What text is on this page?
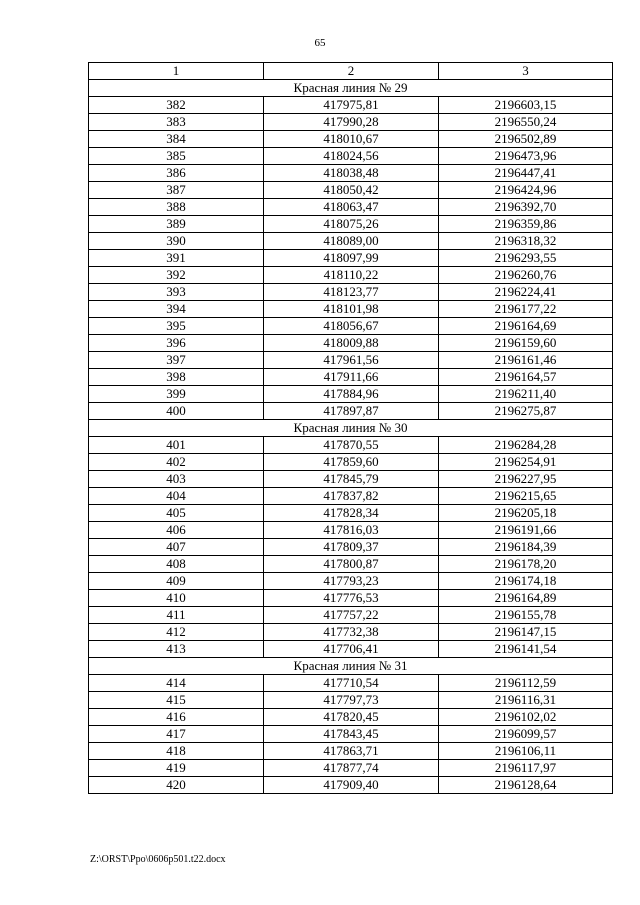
65
1	2	3
Красная линия № 29		
382	417975,81	2196603,15
383	417990,28	2196550,24
384	418010,67	2196502,89
385	418024,56	2196473,96
386	418038,48	2196447,41
387	418050,42	2196424,96
388	418063,47	2196392,70
389	418075,26	2196359,86
390	418089,00	2196318,32
391	418097,99	2196293,55
392	418110,22	2196260,76
393	418123,77	2196224,41
394	418101,98	2196177,22
395	418056,67	2196164,69
396	418009,88	2196159,60
397	417961,56	2196161,46
398	417911,66	2196164,57
399	417884,96	2196211,40
400	417897,87	2196275,87
Красная линия № 30		
401	417870,55	2196284,28
402	417859,60	2196254,91
403	417845,79	2196227,95
404	417837,82	2196215,65
405	417828,34	2196205,18
406	417816,03	2196191,66
407	417809,37	2196184,39
408	417800,87	2196178,20
409	417793,23	2196174,18
410	417776,53	2196164,89
411	417757,22	2196155,78
412	417732,38	2196147,15
413	417706,41	2196141,54
Красная линия № 31		
414	417710,54	2196112,59
415	417797,73	2196116,31
416	417820,45	2196102,02
417	417843,45	2196099,57
418	417863,71	2196106,11
419	417877,74	2196117,97
420	417909,40	2196128,64
Z:\ORST\Ppo\0606p501.t22.docx
